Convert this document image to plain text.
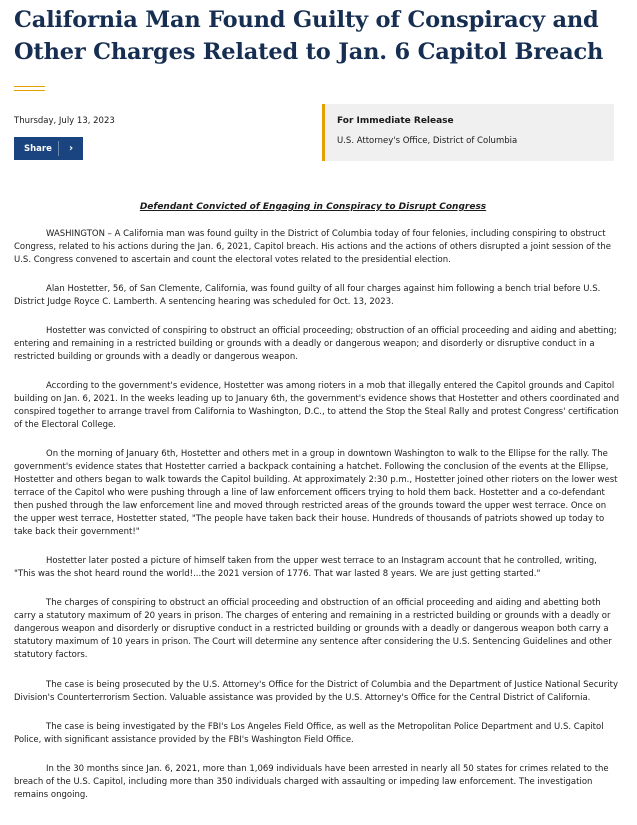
California Man Found Guilty of Conspiracy and Other Charges Related to Jan. 6 Capitol Breach
Thursday, July 13, 2023
Share	›
For Immediate Release
U.S. Attorney's Office, District of Columbia
Defendant Convicted of Engaging in Conspiracy to Disrupt Congress

WASHINGTON – A California man was found guilty in the District of Columbia today of four felonies, including conspiring to obstruct Congress, related to his actions during the Jan. 6, 2021, Capitol breach. His actions and the actions of others disrupted a joint session of the U.S. Congress convened to ascertain and count the electoral votes related to the presidential election.

Alan Hostetter, 56, of San Clemente, California, was found guilty of all four charges against him following a bench trial before U.S. District Judge Royce C. Lamberth. A sentencing hearing was scheduled for Oct. 13, 2023.

Hostetter was convicted of conspiring to obstruct an official proceeding; obstruction of an official proceeding and aiding and abetting; entering and remaining in a restricted building or grounds with a deadly or dangerous weapon; and disorderly or disruptive conduct in a restricted building or grounds with a deadly or dangerous weapon.

According to the government's evidence, Hostetter was among rioters in a mob that illegally entered the Capitol grounds and Capitol building on Jan. 6, 2021. In the weeks leading up to January 6th, the government's evidence shows that Hostetter and others coordinated and conspired together to arrange travel from California to Washington, D.C., to attend the Stop the Steal Rally and protest Congress' certification of the Electoral College.

On the morning of January 6th, Hostetter and others met in a group in downtown Washington to walk to the Ellipse for the rally. The government's evidence states that Hostetter carried a backpack containing a hatchet. Following the conclusion of the events at the Ellipse, Hostetter and others began to walk towards the Capitol building. At approximately 2:30 p.m., Hostetter joined other rioters on the lower west terrace of the Capitol who were pushing through a line of law enforcement officers trying to hold them back. Hostetter and a co-defendant then pushed through the law enforcement line and moved through restricted areas of the grounds toward the upper west terrace. Once on the upper west terrace, Hostetter stated, "The people have taken back their house. Hundreds of thousands of patriots showed up today to take back their government!"

Hostetter later posted a picture of himself taken from the upper west terrace to an Instagram account that he controlled, writing, "This was the shot heard round the world!...the 2021 version of 1776. That war lasted 8 years. We are just getting started."

The charges of conspiring to obstruct an official proceeding and obstruction of an official proceeding and aiding and abetting both carry a statutory maximum of 20 years in prison. The charges of entering and remaining in a restricted building or grounds with a deadly or dangerous weapon and disorderly or disruptive conduct in a restricted building or grounds with a deadly or dangerous weapon both carry a statutory maximum of 10 years in prison. The Court will determine any sentence after considering the U.S. Sentencing Guidelines and other statutory factors.

The case is being prosecuted by the U.S. Attorney's Office for the District of Columbia and the Department of Justice National Security Division's Counterterrorism Section. Valuable assistance was provided by the U.S. Attorney's Office for the Central District of California.

The case is being investigated by the FBI's Los Angeles Field Office, as well as the Metropolitan Police Department and U.S. Capitol Police, with significant assistance provided by the FBI's Washington Field Office.

In the 30 months since Jan. 6, 2021, more than 1,069 individuals have been arrested in nearly all 50 states for crimes related to the breach of the U.S. Capitol, including more than 350 individuals charged with assaulting or impeding law enforcement. The investigation remains ongoing.
